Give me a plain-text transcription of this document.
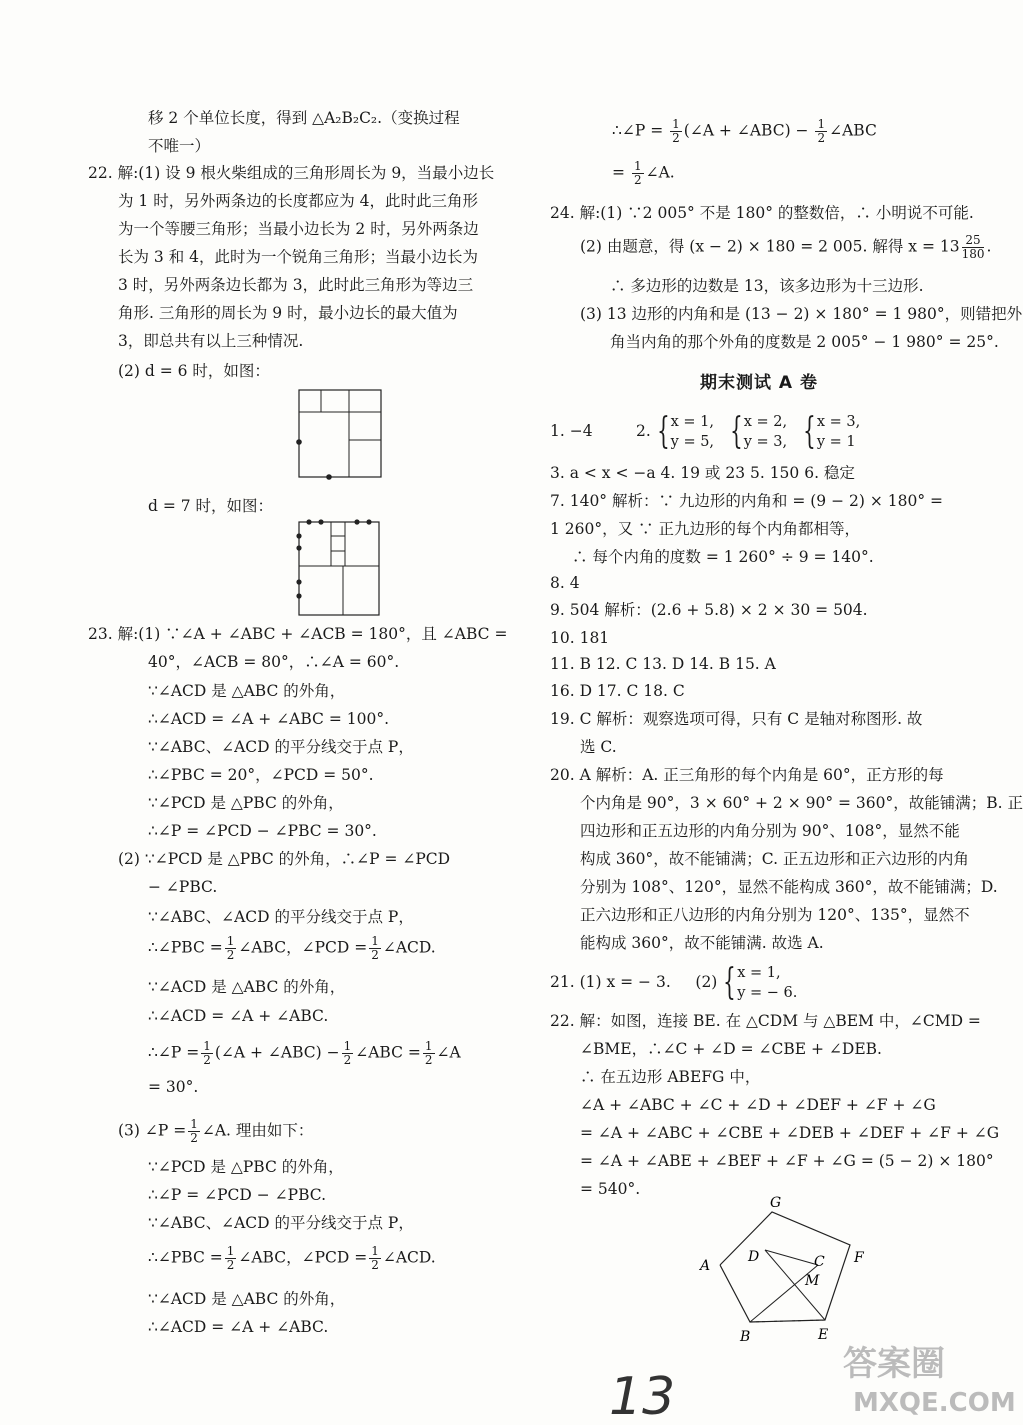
移 2 个单位长度，得到 △A₂B₂C₂.（变换过程
不唯一）
22. 解:(1) 设 9 根火柴组成的三角形周长为 9，当最小边长
为 1 时，另外两条边的长度都应为 4，此时此三角形
为一个等腰三角形；当最小边长为 2 时，另外两条边
长为 3 和 4，此时为一个锐角三角形；当最小边长为
3 时，另外两条边长都为 3，此时此三角形为等边三
角形. 三角形的周长为 9 时，最小边长的最大值为
3，即总共有以上三种情况.
(2) d = 6 时，如图：
d = 7 时，如图：
23. 解:(1) ∵∠A + ∠ABC + ∠ACB = 180°，且 ∠ABC =
40°，∠ACB = 80°，∴∠A = 60°.
∵∠ACD 是 △ABC 的外角，
∴∠ACD = ∠A + ∠ABC = 100°.
∵∠ABC、∠ACD 的平分线交于点 P，
∴∠PBC = 20°，∠PCD = 50°.
∵∠PCD 是 △PBC 的外角，
∴∠P = ∠PCD − ∠PBC = 30°.
(2) ∵∠PCD 是 △PBC 的外角，∴∠P = ∠PCD
− ∠PBC.
∵∠ABC、∠ACD 的平分线交于点 P，
∴∠PBC = $\frac{1}{2}$ ∠ABC，∠PCD = $\frac{1}{2}$ ∠ACD.
∵∠ACD 是 △ABC 的外角，
∴∠ACD = ∠A + ∠ABC.
∴∠P = $\frac{1}{2}$ (∠A + ∠ABC) − $\frac{1}{2}$ ∠ABC = $\frac{1}{2}$ ∠A
= 30°.
(3) ∠P = $\frac{1}{2}$ ∠A. 理由如下：
∵∠PCD 是 △PBC 的外角，
∴∠P = ∠PCD − ∠PBC.
∵∠ABC、∠ACD 的平分线交于点 P，
∴∠PBC = $\frac{1}{2}$ ∠ABC，∠PCD = $\frac{1}{2}$ ∠ACD.
∵∠ACD 是 △ABC 的外角，
∴∠ACD = ∠A + ∠ABC.
∴∠P = $\frac{1}{2}$ (∠A + ∠ABC) − $\frac{1}{2}$ ∠ABC
= $\frac{1}{2}$ ∠A.
24. 解:(1) ∵2 005° 不是 180° 的整数倍，∴ 小明说不可能.
(2) 由题意，得 (x − 2) × 180 = 2 005. 解得 $x = 13 \frac{25}{180}$ .
∴ 多边形的边数是 13，该多边形为十三边形.
(3) 13 边形的内角和是 (13 − 2) × 180° = 1 980°，则错把外
角当内角的那个外角的度数是 2 005° − 1 980° = 25°.
期末测试 A 卷
1. −4	2. {x = 1,
y = 5, {x = 2,
y = 3, {x = 3,
y = 1
3. a < x < −a 4. 19 或 23 5. 150 6. 稳定
7. 140° 解析：∵ 九边形的内角和 = (9 − 2) × 180° =
1 260°，又 ∵ 正九边形的每个内角都相等，
∴ 每个内角的度数 = 1 260° ÷ 9 = 140°.
8. 4
9. 504 解析：(2.6 + 5.8) × 2 × 30 = 504.
10. 181
11. B 12. C 13. D 14. B 15. A
16. D 17. C 18. C
19. C 解析：观察选项可得，只有 C 是轴对称图形. 故
选 C.
20. A 解析：A. 正三角形的每个内角是 60°，正方形的每
个内角是 90°，3 × 60° + 2 × 90° = 360°，故能铺满；B. 正
四边形和正五边形的内角分别为 90°、108°，显然不能
构成 360°，故不能铺满；C. 正五边形和正六边形的内角
分别为 108°、120°，显然不能构成 360°，故不能铺满；D.
正六边形和正八边形的内角分别为 120°、135°，显然不
能构成 360°，故不能铺满. 故选 A.
21. (1) x = − 3. (2) {x = 1,
y = − 6.
22. 解：如图，连接 BE. 在 △CDM 与 △BEM 中，∠CMD =
∠BME，∴∠C + ∠D = ∠CBE + ∠DEB.
∴ 在五边形 ABEFG 中，
∠A + ∠ABC + ∠C + ∠D + ∠DEF + ∠F + ∠G
= ∠A + ∠ABC + ∠CBE + ∠DEB + ∠DEF + ∠F + ∠G
= ∠A + ∠ABE + ∠BEF + ∠F + ∠G = (5 − 2) × 180°
= 540°.
G
A
D	C
M
F
B	E
13
答案圈
MXQE.COM
